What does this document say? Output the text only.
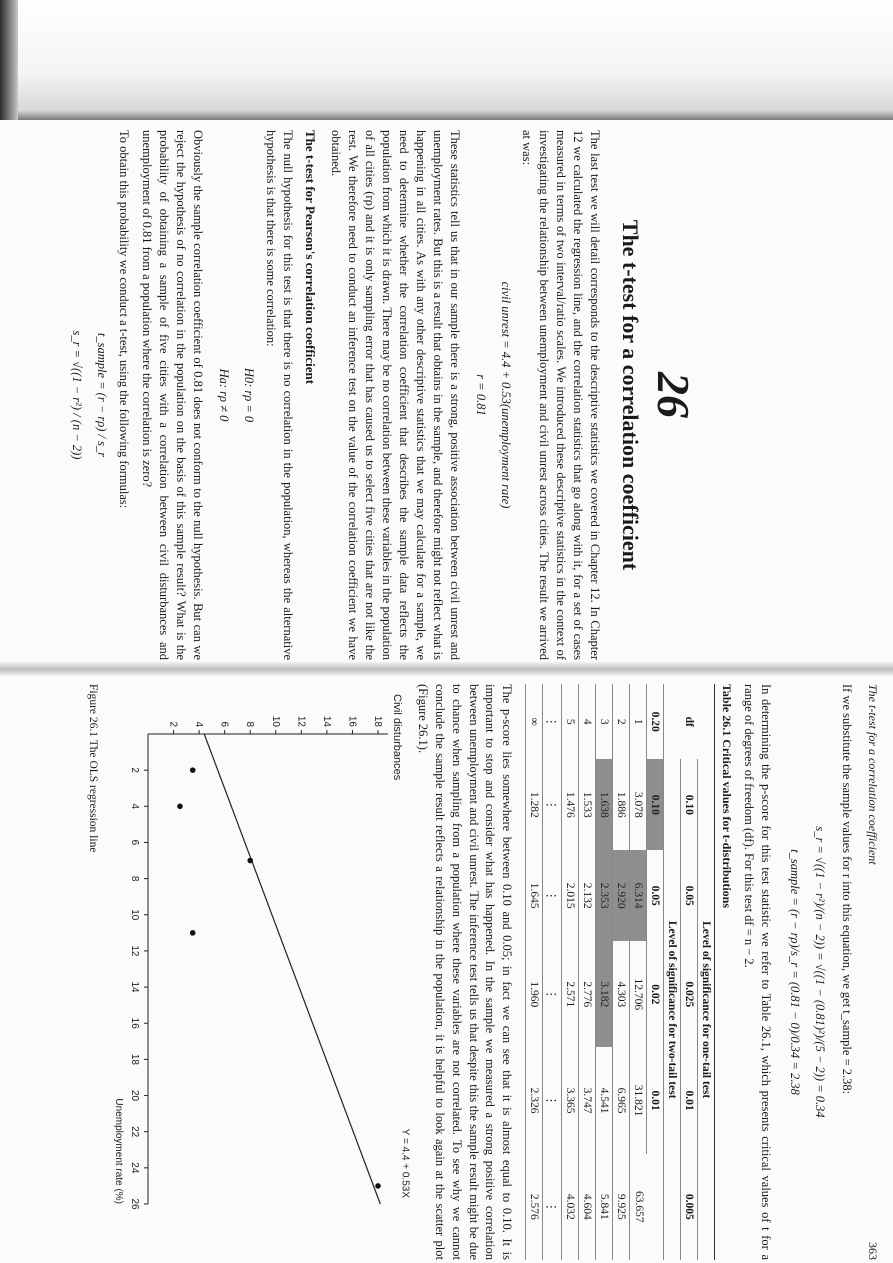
26
The t-test for a correlation coefficient

The last test we will detail corresponds to the descriptive statistics we covered in Chapter 12. In Chapter 12 we calculated the regression line, and the correlation statistics that go along with it, for a set of cases measured in terms of two interval/ratio scales. We introduced these descriptive statistics in the context of investigating the relationship between unemployment and civil unrest across cities. The result we arrived at was:

civil unrest = 4.4 + 0.53(unemployment rate)
r = 0.81

These statistics tell us that in our sample there is a strong, positive association between civil unrest and unemployment rates. But this is a result that obtains in the sample, and therefore might not reflect what is happening in all cities. As with any other descriptive statistics that we may calculate for a sample, we need to determine whether the correlation coefficient that describes the sample data reflects the population from which it is drawn. There may be no correlation between these variables in the population of all cities (rρ) and it is only sampling error that has caused us to select five cities that are not like the rest. We therefore need to conduct an inference test on the value of the correlation coefficient we have obtained.

The t-test for Pearson's correlation coefficient

The null hypothesis for this test is that there is no correlation in the population, whereas the alternative hypothesis is that there is some correlation:

H0: rρ = 0
Ha: rρ ≠ 0

Obviously the sample correlation coefficient of 0.81 does not conform to the null hypothesis. But can we reject the hypothesis of no correlation in the population on the basis of this sample result? What is the probability of obtaining a sample of five cities with a correlation between civil disturbances and unemployment of 0.81 from a population where the correlation is zero?

To obtain this probability we conduct a t-test, using the following formulas:

t_sample = (r − rρ) / s_r
s_r = √((1 − r²) / (n − 2))
The t-test for a correlation coefficient
363

If we substitute the sample values for r into this equation, we get t_sample = 2.38:

s_r = √((1 − r²)/(n − 2)) = √((1 − (0.81)²)/(5 − 2)) = 0.34
t_sample = (r − rρ)/s_r = (0.81 − 0)/0.34 = 2.38

In determining the p-score for this test statistic we refer to Table 26.1, which presents critical values of t for a range of degrees of freedom (df). For this test df = n − 2.

Table 26.1 Critical values for t-distributions
df	Level of significance for one-tail test				
	0.10	0.05	0.025	0.01	0.005
	Level of significance for two-tail test				
0.20	0.10	0.05	0.02	0.01	
1	3.078	6.314	12.706	31.821	63.657
2	1.886	2.920	4.303	6.965	9.925
3	1.638	2.353	3.182	4.541	5.841
4	1.533	2.132	2.776	3.747	4.604
5	1.476	2.015	2.571	3.365	4.032
⋮	⋮	⋮	⋮	⋮	⋮
∞	1.282	1.645	1.960	2.326	2.576

The p-score lies somewhere between 0.10 and 0.05; in fact we can see that it is almost equal to 0.10. It is important to stop and consider what has happened. In the sample we measured a strong positive correlation between unemployment and civil unrest. The inference test tells us that despite this the sample result might be due to chance when sampling from a population where these variables are not correlated. To see why we cannot conclude the sample result reflects a relationship in the population, it is helpful to look again at the scatter plot (Figure 26.1).

2
4
6
8
10
12
14
16
18
20
22
24
26
2 4 6 8 10 12 14 16 18 Civil disturbances
Unemployment rate (%)	Y = 4.4 + 0.53X
Figure 26.1 The OLS regression line
